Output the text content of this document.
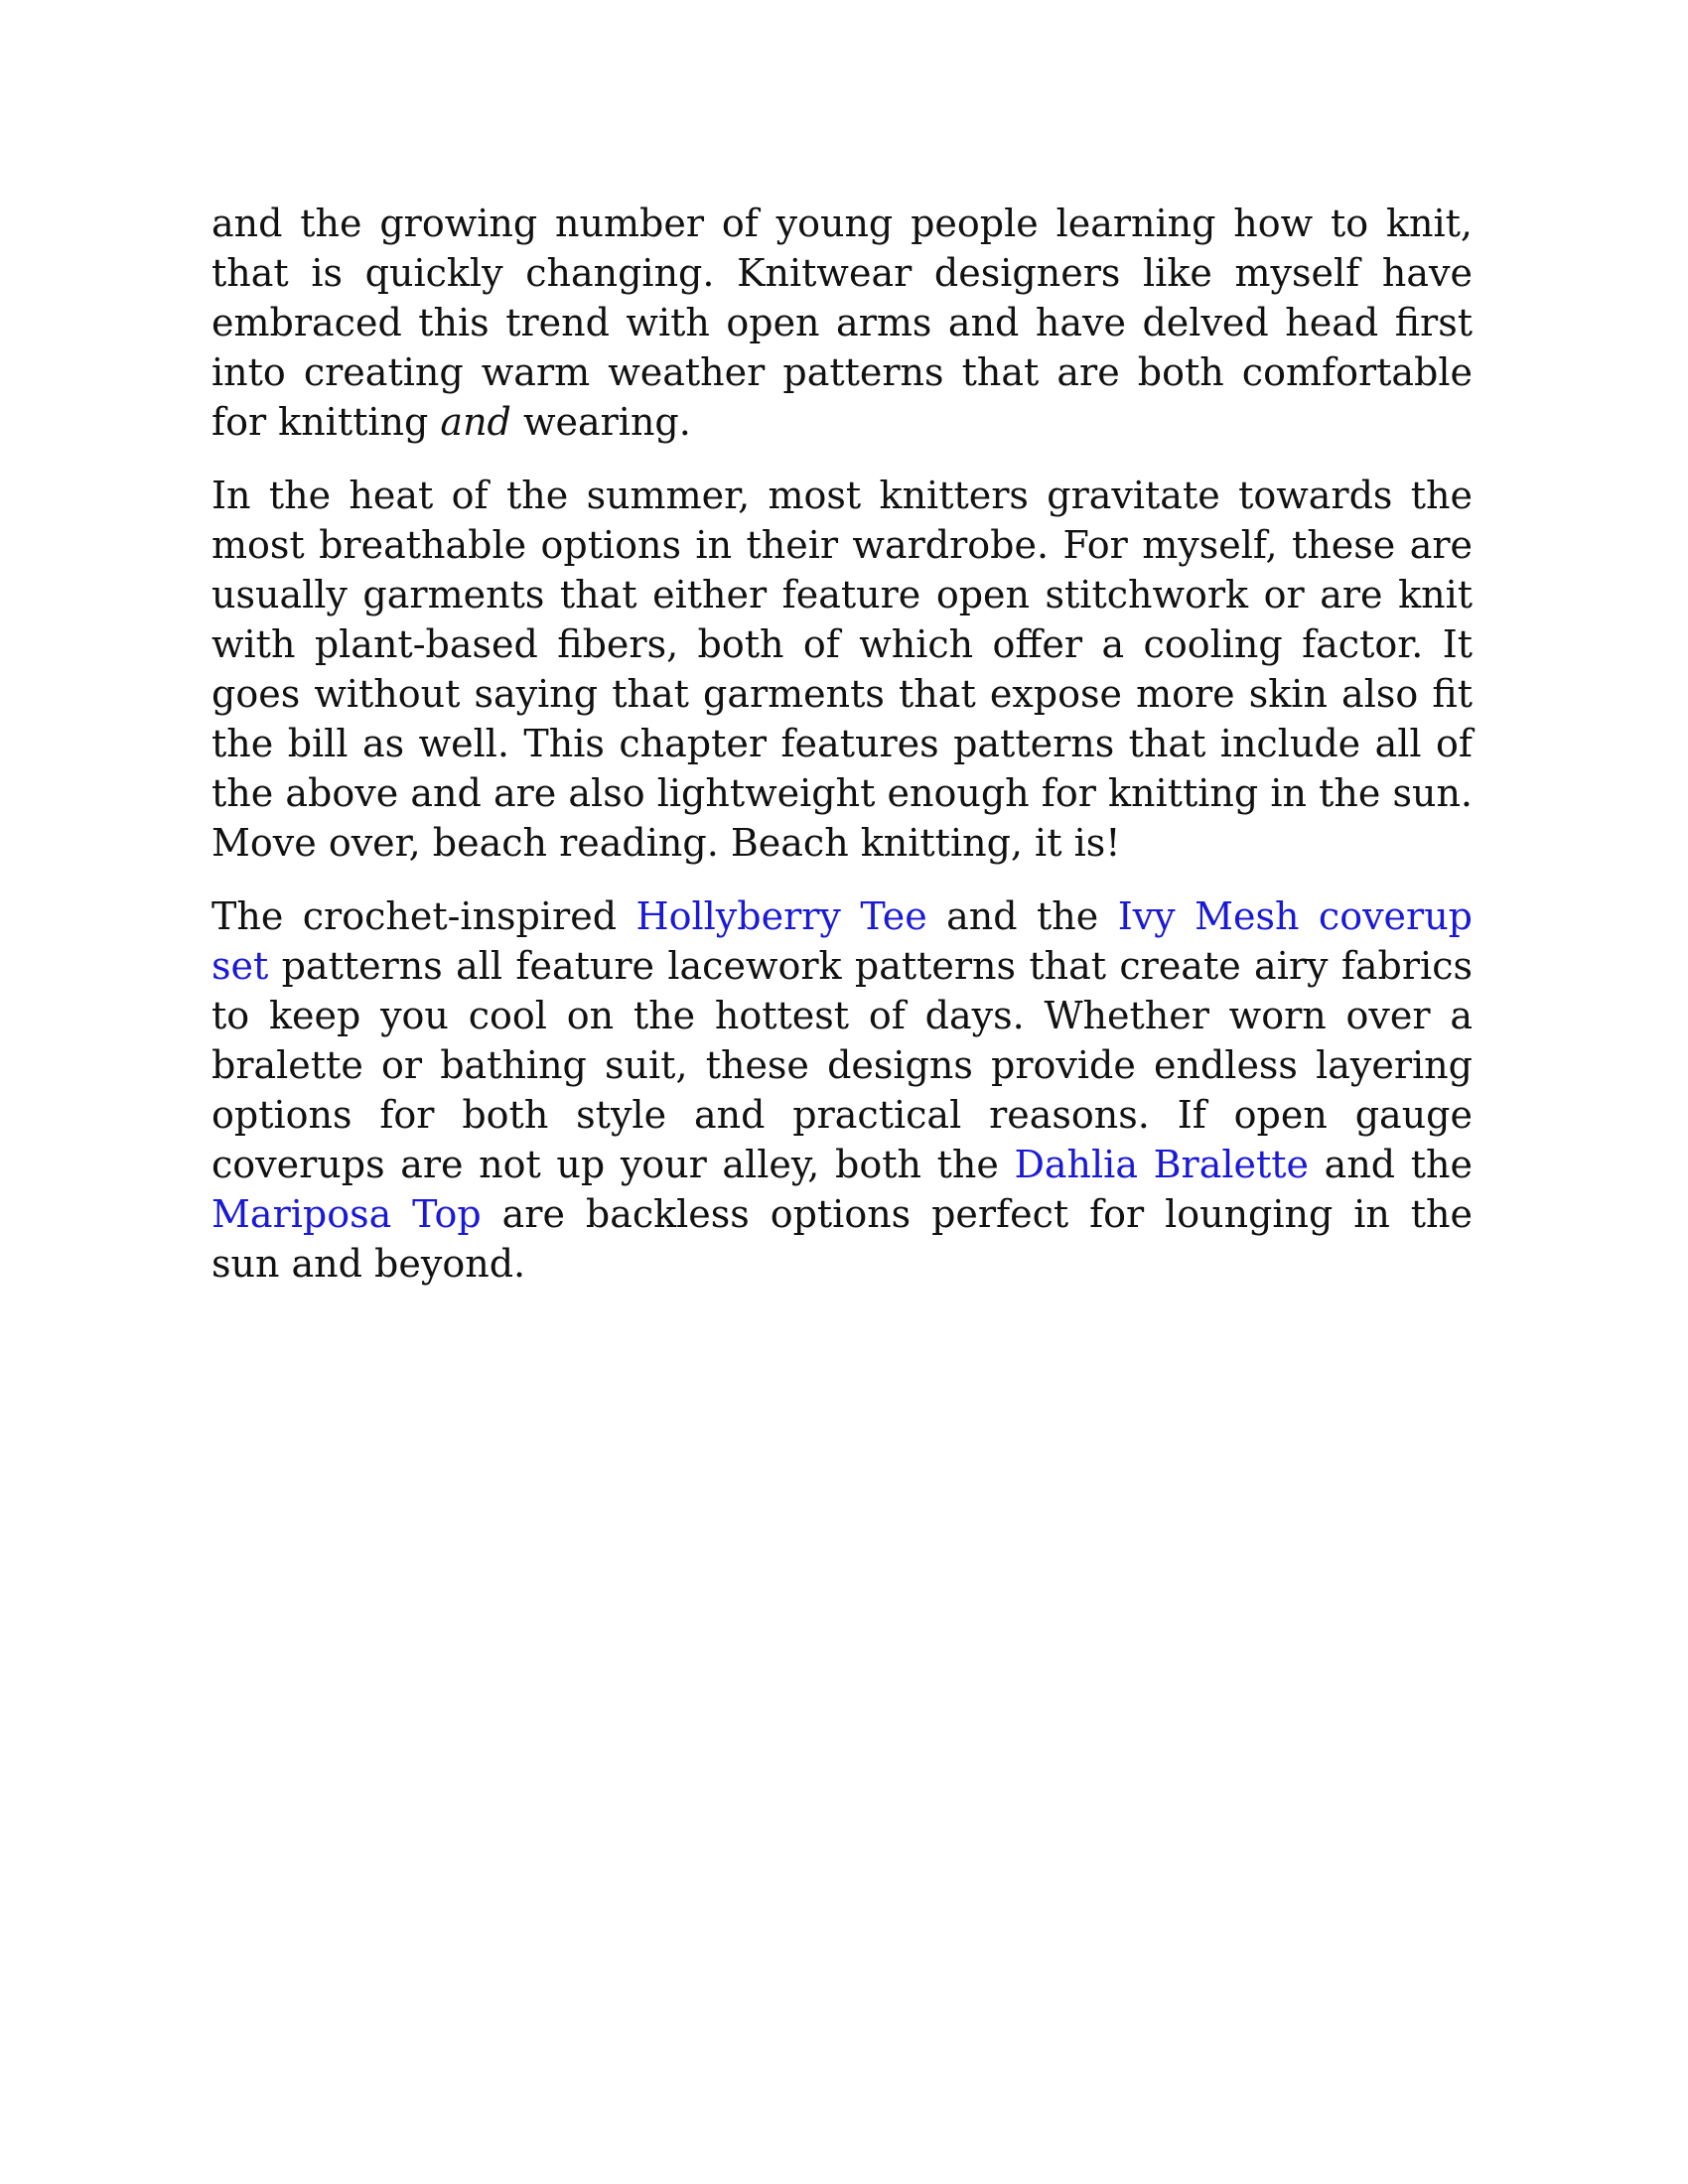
and the growing number of young people learning how to knit, that is quickly changing. Knitwear designers like myself have embraced this trend with open arms and have delved head first into creating warm weather patterns that are both comfortable for knitting and wearing.

In the heat of the summer, most knitters gravitate towards the most breathable options in their wardrobe. For myself, these are usually garments that either feature open stitchwork or are knit with plant-based fibers, both of which offer a cooling factor. It goes without saying that garments that expose more skin also fit the bill as well. This chapter features patterns that include all of the above and are also lightweight enough for knitting in the sun. Move over, beach reading. Beach knitting, it is!

The crochet-inspired Hollyberry Tee and the Ivy Mesh coverup set patterns all feature lacework patterns that create airy fabrics to keep you cool on the hottest of days. Whether worn over a bralette or bathing suit, these designs provide endless layering options for both style and practical reasons. If open gauge coverups are not up your alley, both the Dahlia Bralette and the Mariposa Top are backless options perfect for lounging in the sun and beyond.
